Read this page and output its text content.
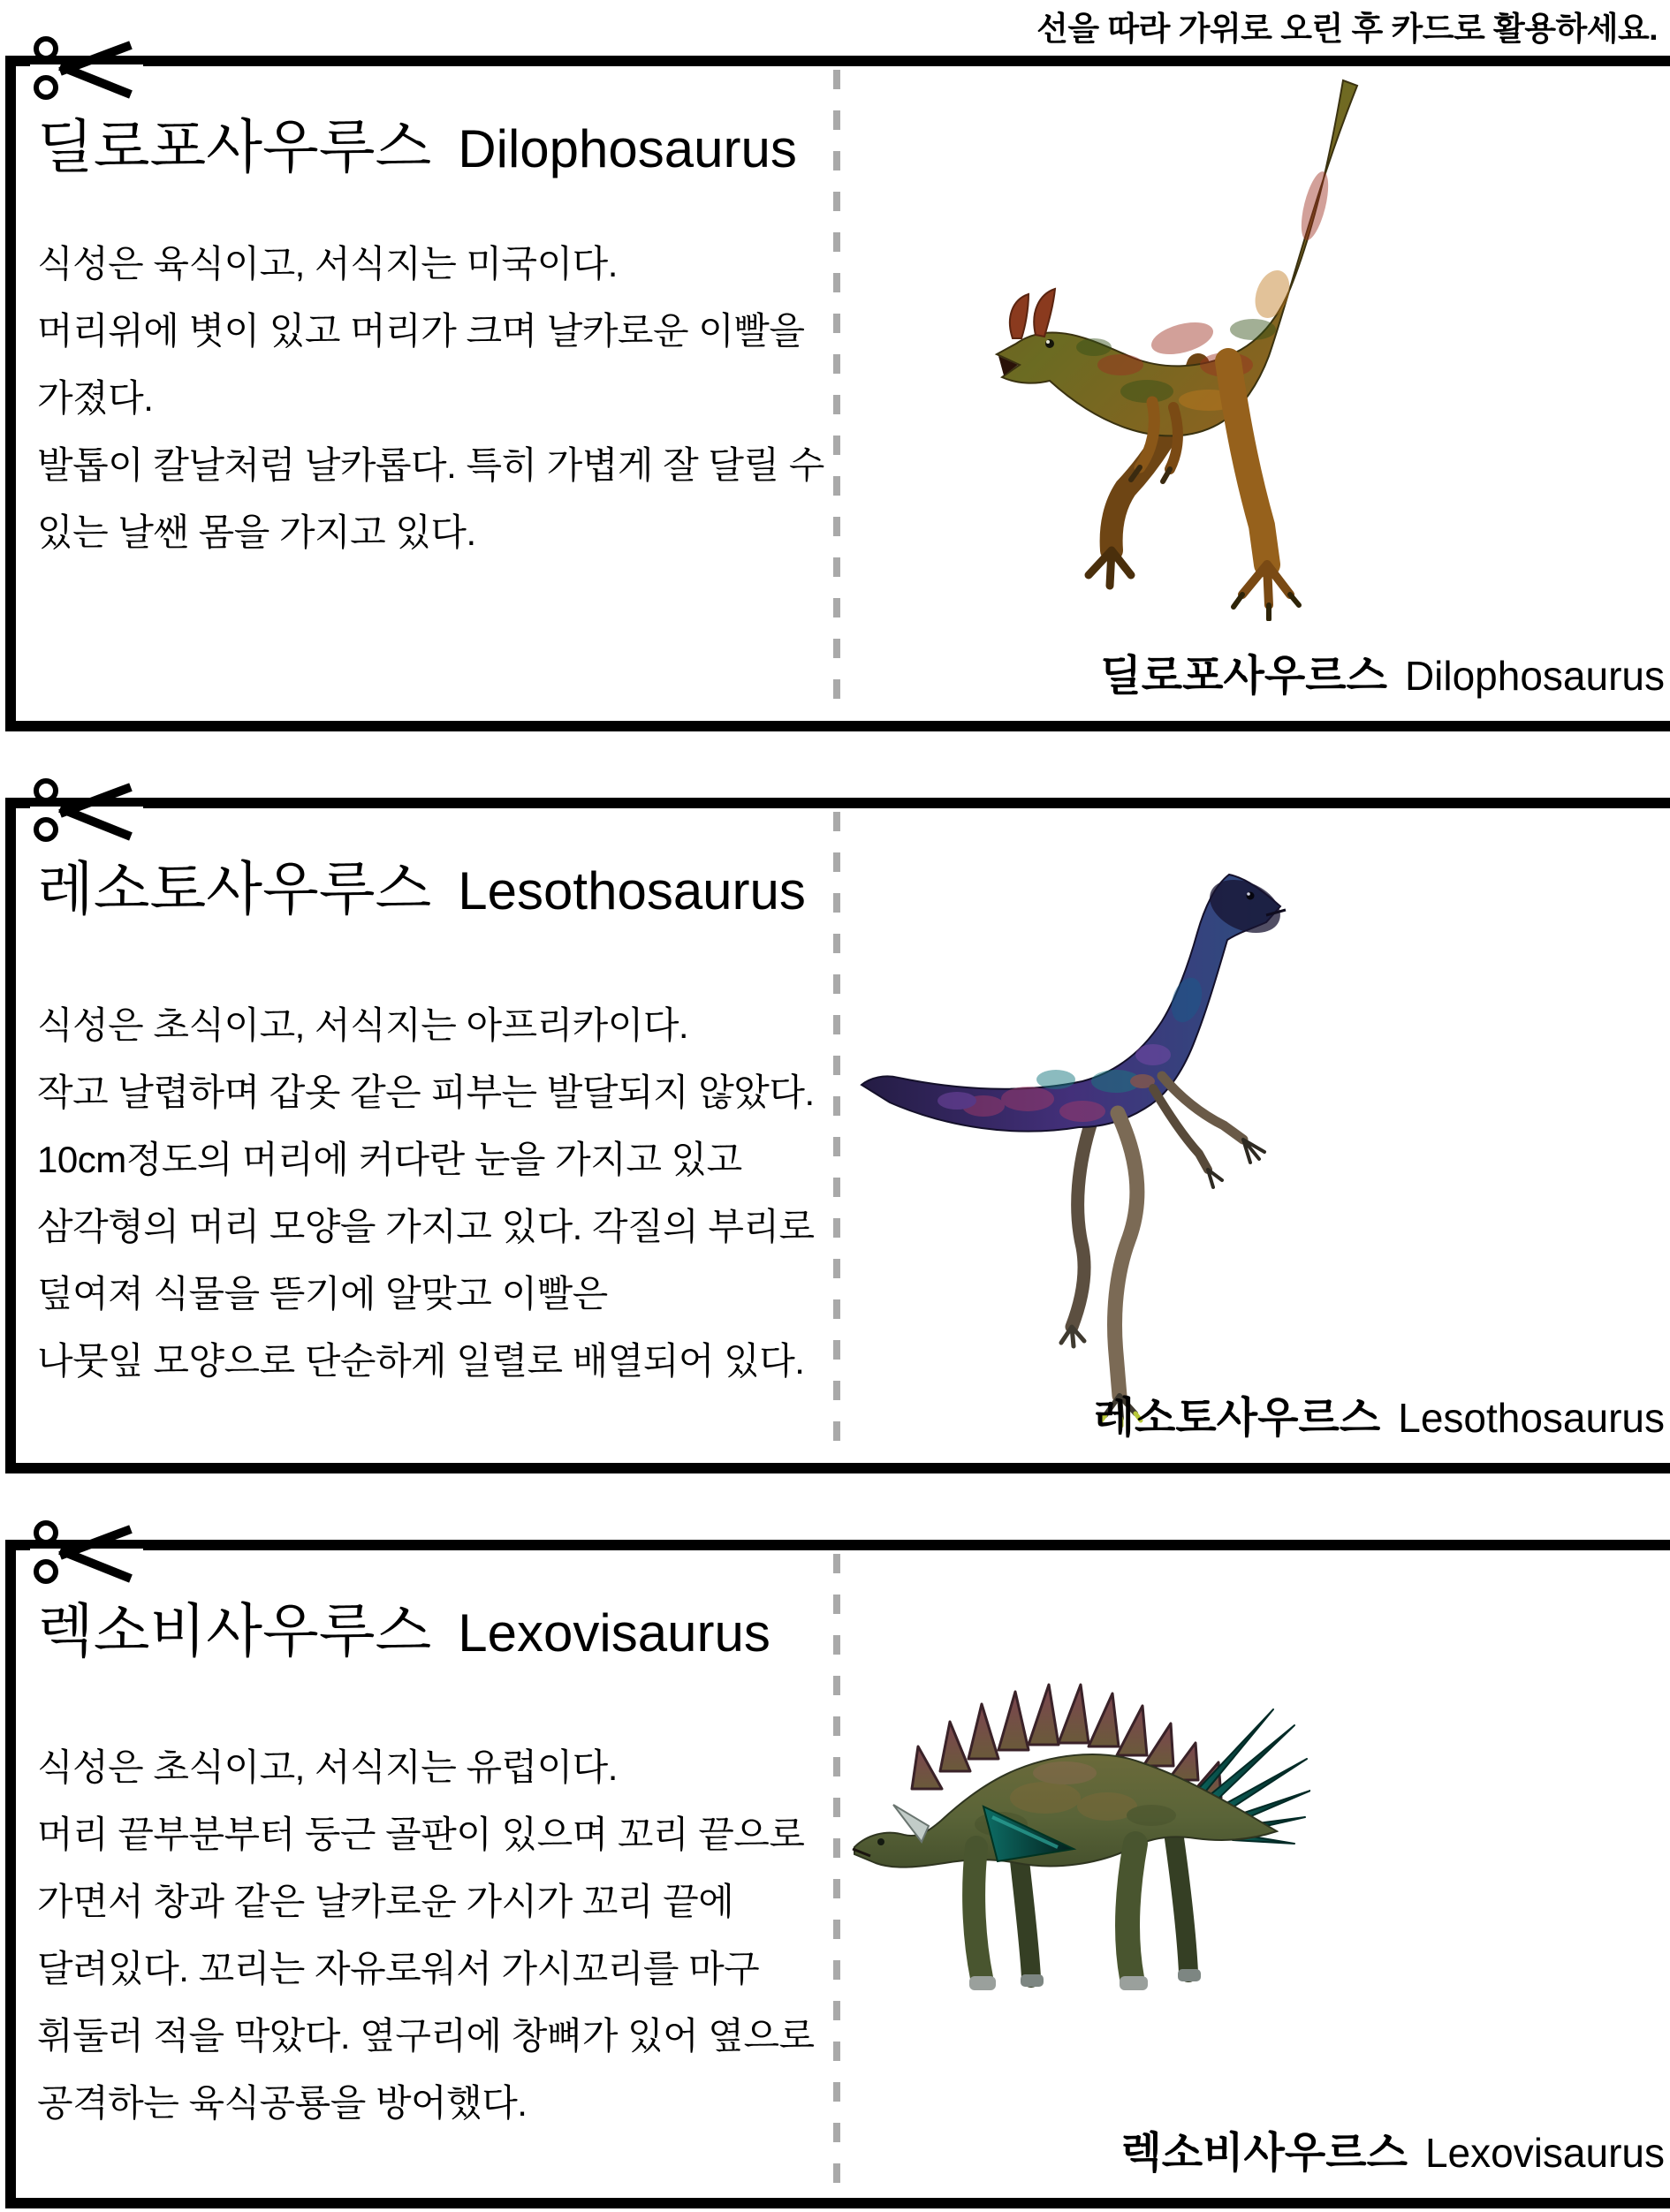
선을 따라 가위로 오린 후 카드로 활용하세요.
딜로포사우루스 Dilophosaurus
식성은 육식이고, 서식지는 미국이다.
머리위에 볏이 있고 머리가 크며 날카로운 이빨을
가졌다.
발톱이 칼날처럼 날카롭다. 특히 가볍게 잘 달릴 수
있는 날쌘 몸을 가지고 있다.
딜로포사우르스 Dilophosaurus
레소토사우루스 Lesothosaurus
식성은 초식이고, 서식지는 아프리카이다.
작고 날렵하며 갑옷 같은 피부는 발달되지 않았다.
10cm정도의 머리에 커다란 눈을 가지고 있고
삼각형의 머리 모양을 가지고 있다. 각질의 부리로
덮여져 식물을 뜯기에 알맞고 이빨은
나뭇잎 모양으로 단순하게 일렬로 배열되어 있다.
레소토사우르스 Lesothosaurus
렉소비사우루스 Lexovisaurus
식성은 초식이고, 서식지는 유럽이다.
머리 끝부분부터 둥근 골판이 있으며 꼬리 끝으로
가면서 창과 같은 날카로운 가시가 꼬리 끝에
달려있다. 꼬리는 자유로워서 가시꼬리를 마구
휘둘러 적을 막았다. 옆구리에 창뼈가 있어 옆으로
공격하는 육식공룡을 방어했다.
렉소비사우르스 Lexovisaurus
